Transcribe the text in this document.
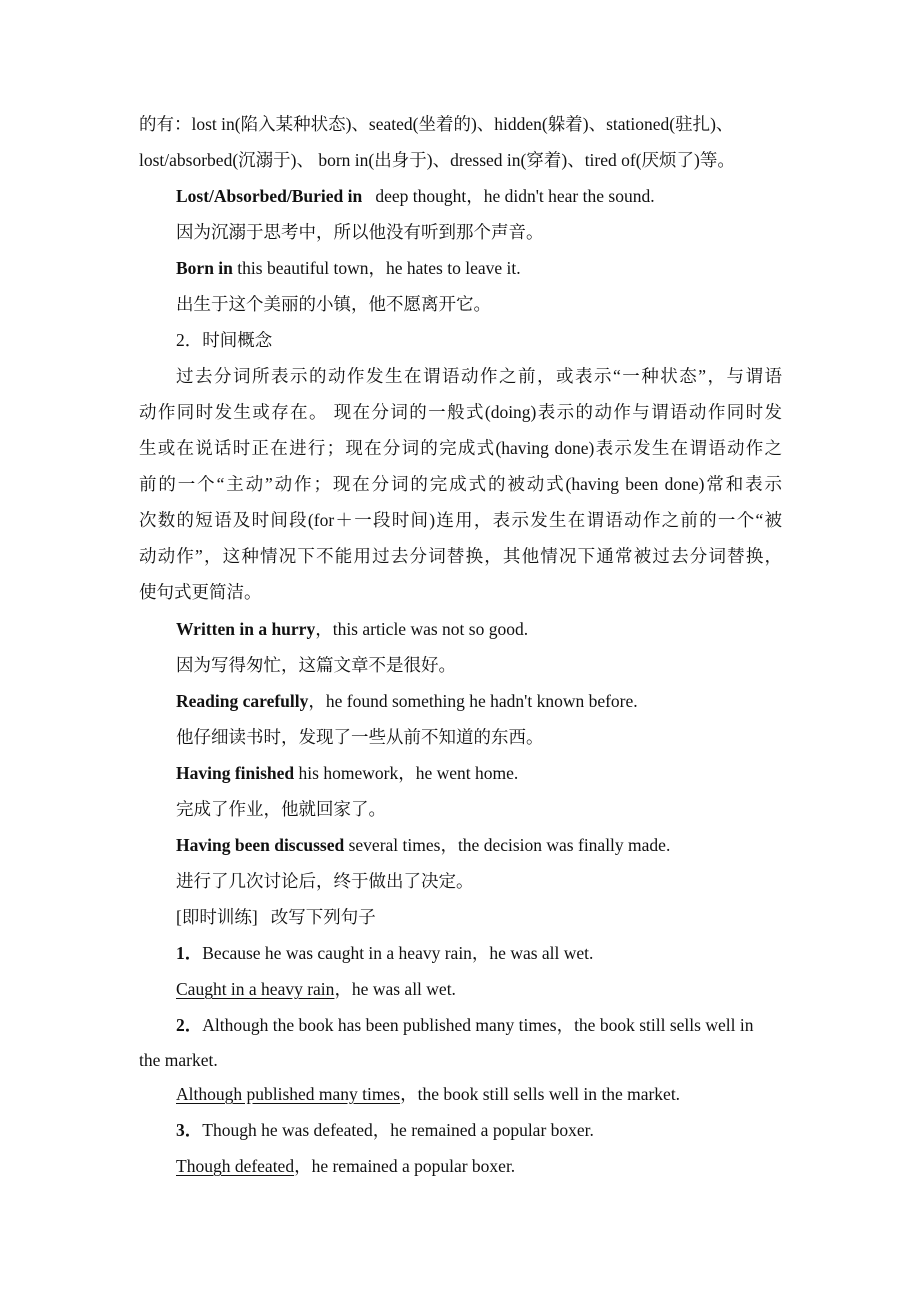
的有：lost in(陷入某种状态)、seated(坐着的)、hidden(躲着)、stationed(驻扎)、
lost/absorbed(沉溺于)、 born in(出身于)、dressed in(穿着)、tired of(厌烦了)等。
Lost/Absorbed/Buried in   deep thought，he didn't hear the sound.
因为沉溺于思考中，所以他没有听到那个声音。
Born in this beautiful town，he hates to leave it.
出生于这个美丽的小镇，他不愿离开它。
2．时间概念
过去分词所表示的动作发生在谓语动作之前，或表示“一种状态”，与谓语
动作同时发生或存在。 现在分词的一般式(doing)表示的动作与谓语动作同时发
生或在说话时正在进行；现在分词的完成式(having done)表示发生在谓语动作之
前的一个“主动”动作；现在分词的完成式的被动式(having been done)常和表示
次数的短语及时间段(for＋一段时间)连用，表示发生在谓语动作之前的一个“被
动动作”，这种情况下不能用过去分词替换，其他情况下通常被过去分词替换，
使句式更简洁。
Written in a hurry，this article was not so good.
因为写得匆忙，这篇文章不是很好。
Reading carefully，he found something he hadn't known before.
他仔细读书时，发现了一些从前不知道的东西。
Having finished his homework，he went home.
完成了作业，他就回家了。
Having been discussed several times，the decision was finally made.
进行了几次讨论后，终于做出了决定。
[即时训练]   改写下列句子
1．Because he was caught in a heavy rain，he was all wet.
Caught in a heavy rain，he was all wet.
2．Although the book has been published many times，the book still sells well in
the market.
Although published many times，the book still sells well in the market.
3．Though he was defeated，he remained a popular boxer.
Though defeated，he remained a popular boxer.
